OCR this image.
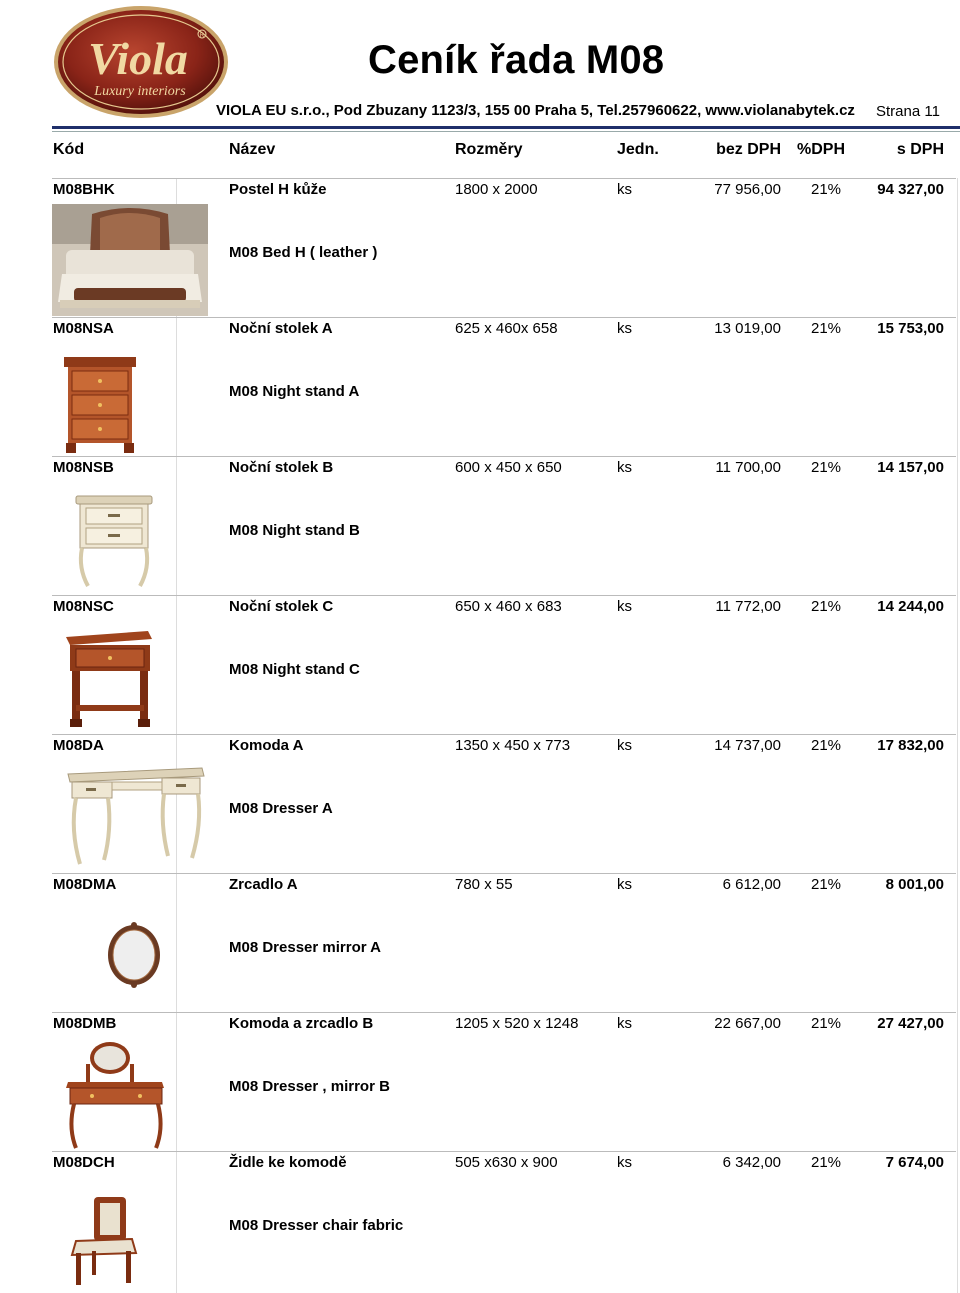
Viola
Luxury interiors
R
Ceník řada M08
VIOLA EU s.r.o., Pod Zbuzany 1123/3, 155 00 Praha 5, Tel.257960622, www.violanabytek.cz Strana 11
Kód	Název	Rozměry	Jedn.	bez DPH %DPH	s DPH
M08BHK	Postel H kůže	1800 x 2000	ks	77 956,00 21%	94 327,00
M08 Bed H ( leather )
M08NSA	Noční stolek A	625 x 460x 658	ks	13 019,00 21%	15 753,00
M08 Night stand A
M08NSB	Noční stolek B	600 x 450 x 650	ks	11 700,00 21%	14 157,00
M08 Night stand B
M08NSC	Noční stolek C	650 x 460 x 683	ks	11 772,00 21%	14 244,00
M08 Night stand C
M08DA	Komoda A	1350 x 450 x 773	ks	14 737,00 21%	17 832,00
M08 Dresser A
M08DMA	Zrcadlo A	780 x 55	ks	6 612,00 21%	8 001,00
M08 Dresser mirror A
M08DMB	Komoda a zrcadlo B	1205 x 520 x 1248	ks	22 667,00 21%	27 427,00
M08 Dresser , mirror B
M08DCH	Židle ke komodě	505 x630 x 900	ks	6 342,00 21%	7 674,00
M08 Dresser chair fabric
